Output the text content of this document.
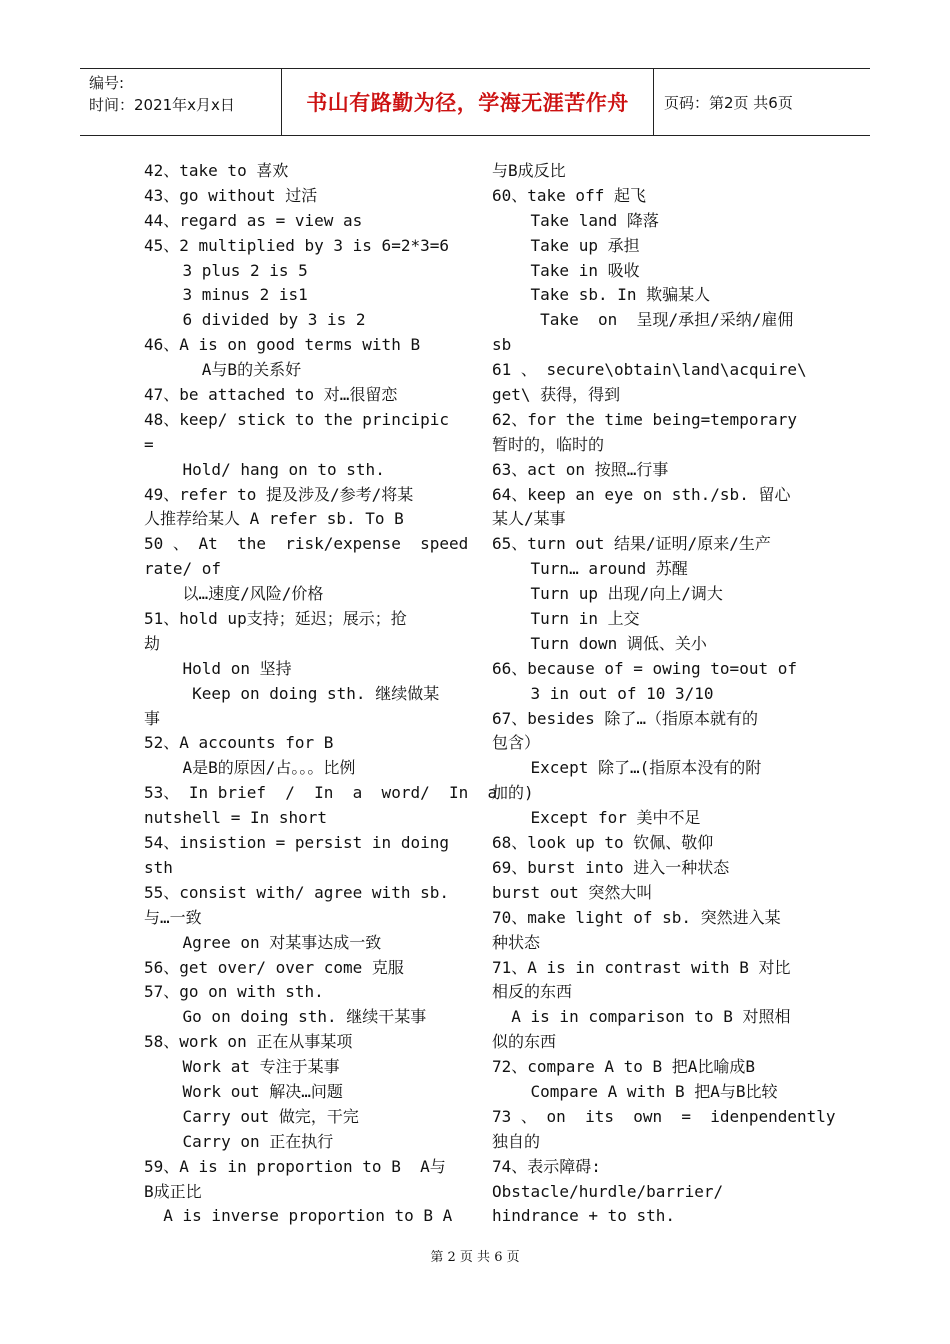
编号:
时间：2021年x月x日	书山有路勤为径，学海无涯苦作舟 页码：第2页 共6页
42、take to 喜欢
43、go without 过活
44、regard as = view as
45、2 multiplied by 3 is 6=2*3=6
3 plus 2 is 5
3 minus 2 is1
6 divided by 3 is 2
46、A is on good terms with B
A与B的关系好
47、be attached to 对…很留恋
48、keep/ stick to the principic
=
Hold/ hang on to sth.
49、refer to 提及涉及/参考/将某
人推荐给某人 A refer sb. To B
50 、 At  the  risk/expense  speed
rate/ of
以…速度/风险/价格
51、hold up支持；延迟；展示；抢
劫
Hold on 坚持
Keep on doing sth. 继续做某
事
52、A accounts for B
A是B的原因/占。。。比例
53、 In brief  /  In  a  word/  In  a
nutshell = In short
54、insistion = persist in doing
sth
55、consist with/ agree with sb.
与…一致
Agree on 对某事达成一致
56、get over/ over come 克服
57、go on with sth.
Go on doing sth. 继续干某事
58、work on 正在从事某项
Work at 专注于某事
Work out 解决…问题
Carry out 做完，干完
Carry on 正在执行
59、A is in proportion to B  A与
B成正比
A is inverse proportion to B A
与B成反比
60、take off 起飞
Take land 降落
Take up 承担
Take in 吸收
Take sb. In 欺骗某人
Take  on  呈现/承担/采纳/雇佣
sb
61 、 secure\obtain\land\acquire\
get\ 获得，得到
62、for the time being=temporary
暂时的，临时的
63、act on 按照…行事
64、keep an eye on sth./sb. 留心
某人/某事
65、turn out 结果/证明/原来/生产
Turn… around 苏醒
Turn up 出现/向上/调大
Turn in 上交
Turn down 调低、关小
66、because of = owing to=out of
3 in out of 10 3/10
67、besides 除了…（指原本就有的
包含）
Except 除了…(指原本没有的附
加的)
Except for 美中不足
68、look up to 钦佩、敬仰
69、burst into 进入一种状态
burst out 突然大叫
70、make light of sb. 突然进入某
种状态
71、A is in contrast with B 对比
相反的东西
A is in comparison to B 对照相
似的东西
72、compare A to B 把A比喻成B
Compare A with B 把A与B比较
73 、 on  its  own  =  idenpendently
独自的
74、表示障碍:
Obstacle/hurdle/barrier/
hindrance + to sth.
第 2 页 共 6 页
